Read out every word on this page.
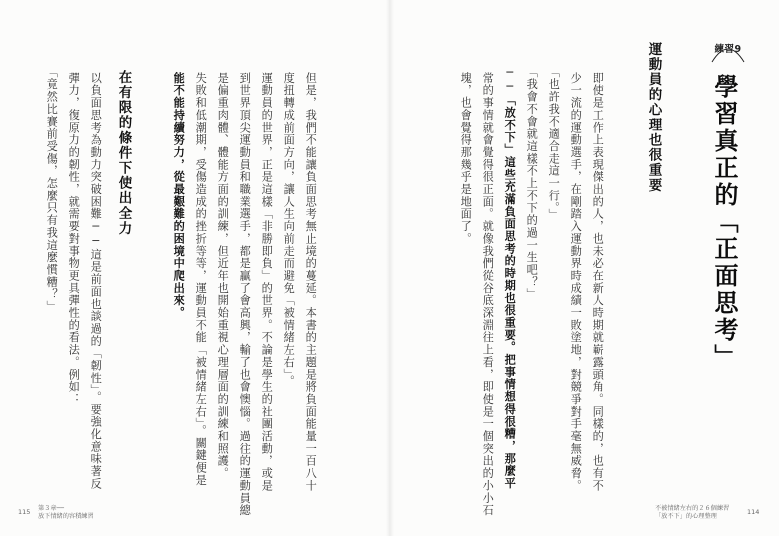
練習9
學習真正的「正面思考」
運動員的心理也很重要
即使是工作上表現傑出的人，也未必在新人時期就嶄露頭角。同樣的，也有不
少一流的運動選手，在剛踏入運動界時成績一敗塗地，對競爭對手毫無威脅。
「也許我不適合走這一行。」
「我會不會就這樣不上不下的過一生吧？」
──「放不下」這些充滿負面思考的時期也很重要。把事情想得很糟，那麼平
常的事情就會覺得很正面。就像我們從谷底深淵往上看，即使是一個突出的小小石
塊，也會覺得那幾乎是地面了。
不被情緒左右的２６個練習
「放不下」的心理整理
114
但是，我們不能讓負面思考無止境的蔓延。本書的主題是將負面能量一百八十
度扭轉成前面方向，讓人生向前走而避免「被情緒左右」。
運動員的世界，正是這樣「非勝即負」的世界。不論是學生的社團活動，或是
到世界頂尖運動員和職業選手，都是贏了會高興，輸了也會懊惱。過往的運動員總
是偏重肉體、體能方面的訓練，但近年也開始重視心理層面的訓練和照護。
失敗和低潮期，受傷造成的挫折等等，運動員不能「被情緒左右」。關鍵便是
能不能持續努力，從最艱難的困境中爬出來。
在有限的條件下使出全力
以負面思考為動力突破困難──這是前面也談過的「韌性」。要強化意味著反
彈力，復原力的韌性，就需要對事物更具彈性的看法。例如：
「竟然比賽前受傷，怎麼只有我這麼慣糟？」
115 第３章──
放下情緒的容積練習
